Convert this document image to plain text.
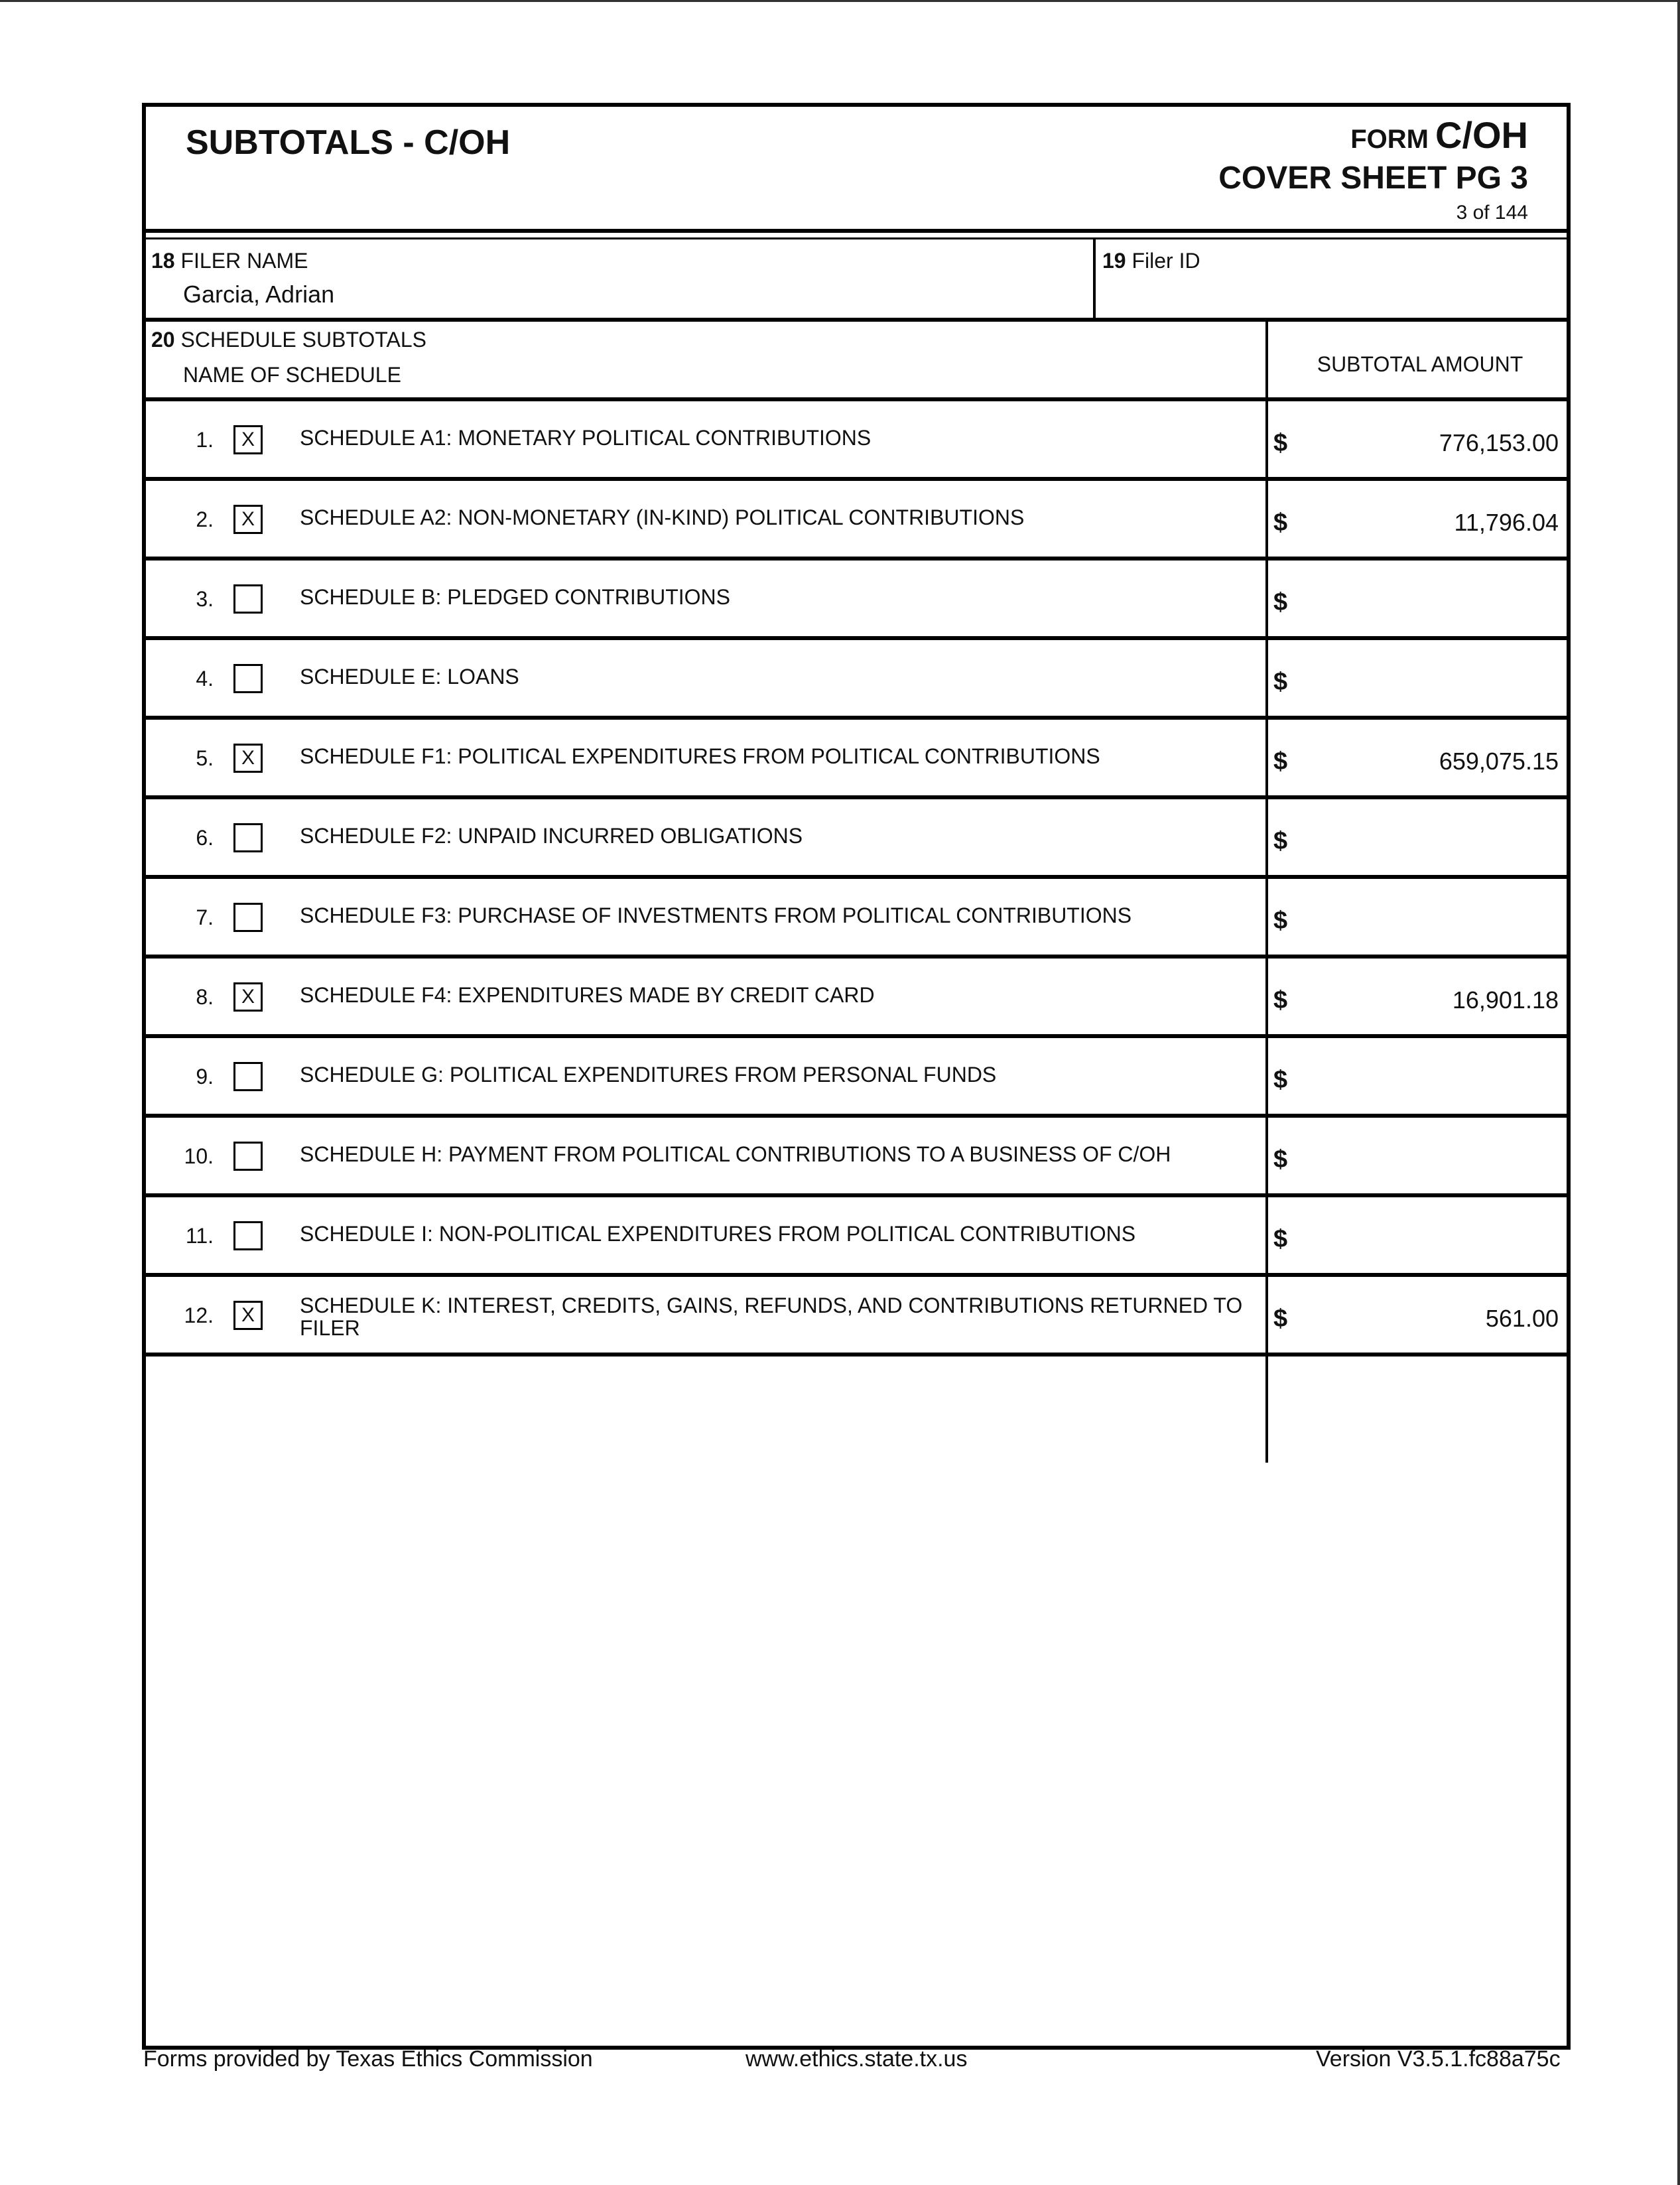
SUBTOTALS - C/OH	FORM C/OH
COVER SHEET PG 3
3 of 144
18 FILER NAME
Garcia, Adrian
19 Filer ID
20 SCHEDULE SUBTOTALS
NAME OF SCHEDULE	SUBTOTAL AMOUNT
1.	X	SCHEDULE A1: MONETARY POLITICAL CONTRIBUTIONS	$	776,153.00
2.	X	SCHEDULE A2: NON-MONETARY (IN-KIND) POLITICAL CONTRIBUTIONS	$	11,796.04
3.	SCHEDULE B: PLEDGED CONTRIBUTIONS	$
4.	SCHEDULE E: LOANS	$
5.	X	SCHEDULE F1: POLITICAL EXPENDITURES FROM POLITICAL CONTRIBUTIONS	$	659,075.15
6.	SCHEDULE F2: UNPAID INCURRED OBLIGATIONS	$
7.	SCHEDULE F3: PURCHASE OF INVESTMENTS FROM POLITICAL CONTRIBUTIONS	$
8.	X	SCHEDULE F4: EXPENDITURES MADE BY CREDIT CARD	$	16,901.18
9.	SCHEDULE G: POLITICAL EXPENDITURES FROM PERSONAL FUNDS	$
10.	SCHEDULE H: PAYMENT FROM POLITICAL CONTRIBUTIONS TO A BUSINESS OF C/OH	$
11.	SCHEDULE I: NON-POLITICAL EXPENDITURES FROM POLITICAL CONTRIBUTIONS	$
12.	X	SCHEDULE K: INTEREST, CREDITS, GAINS, REFUNDS, AND CONTRIBUTIONS RETURNED TO FILER	$	561.00
Forms provided by Texas Ethics Commission	www.ethics.state.tx.us	Version V3.5.1.fc88a75c
